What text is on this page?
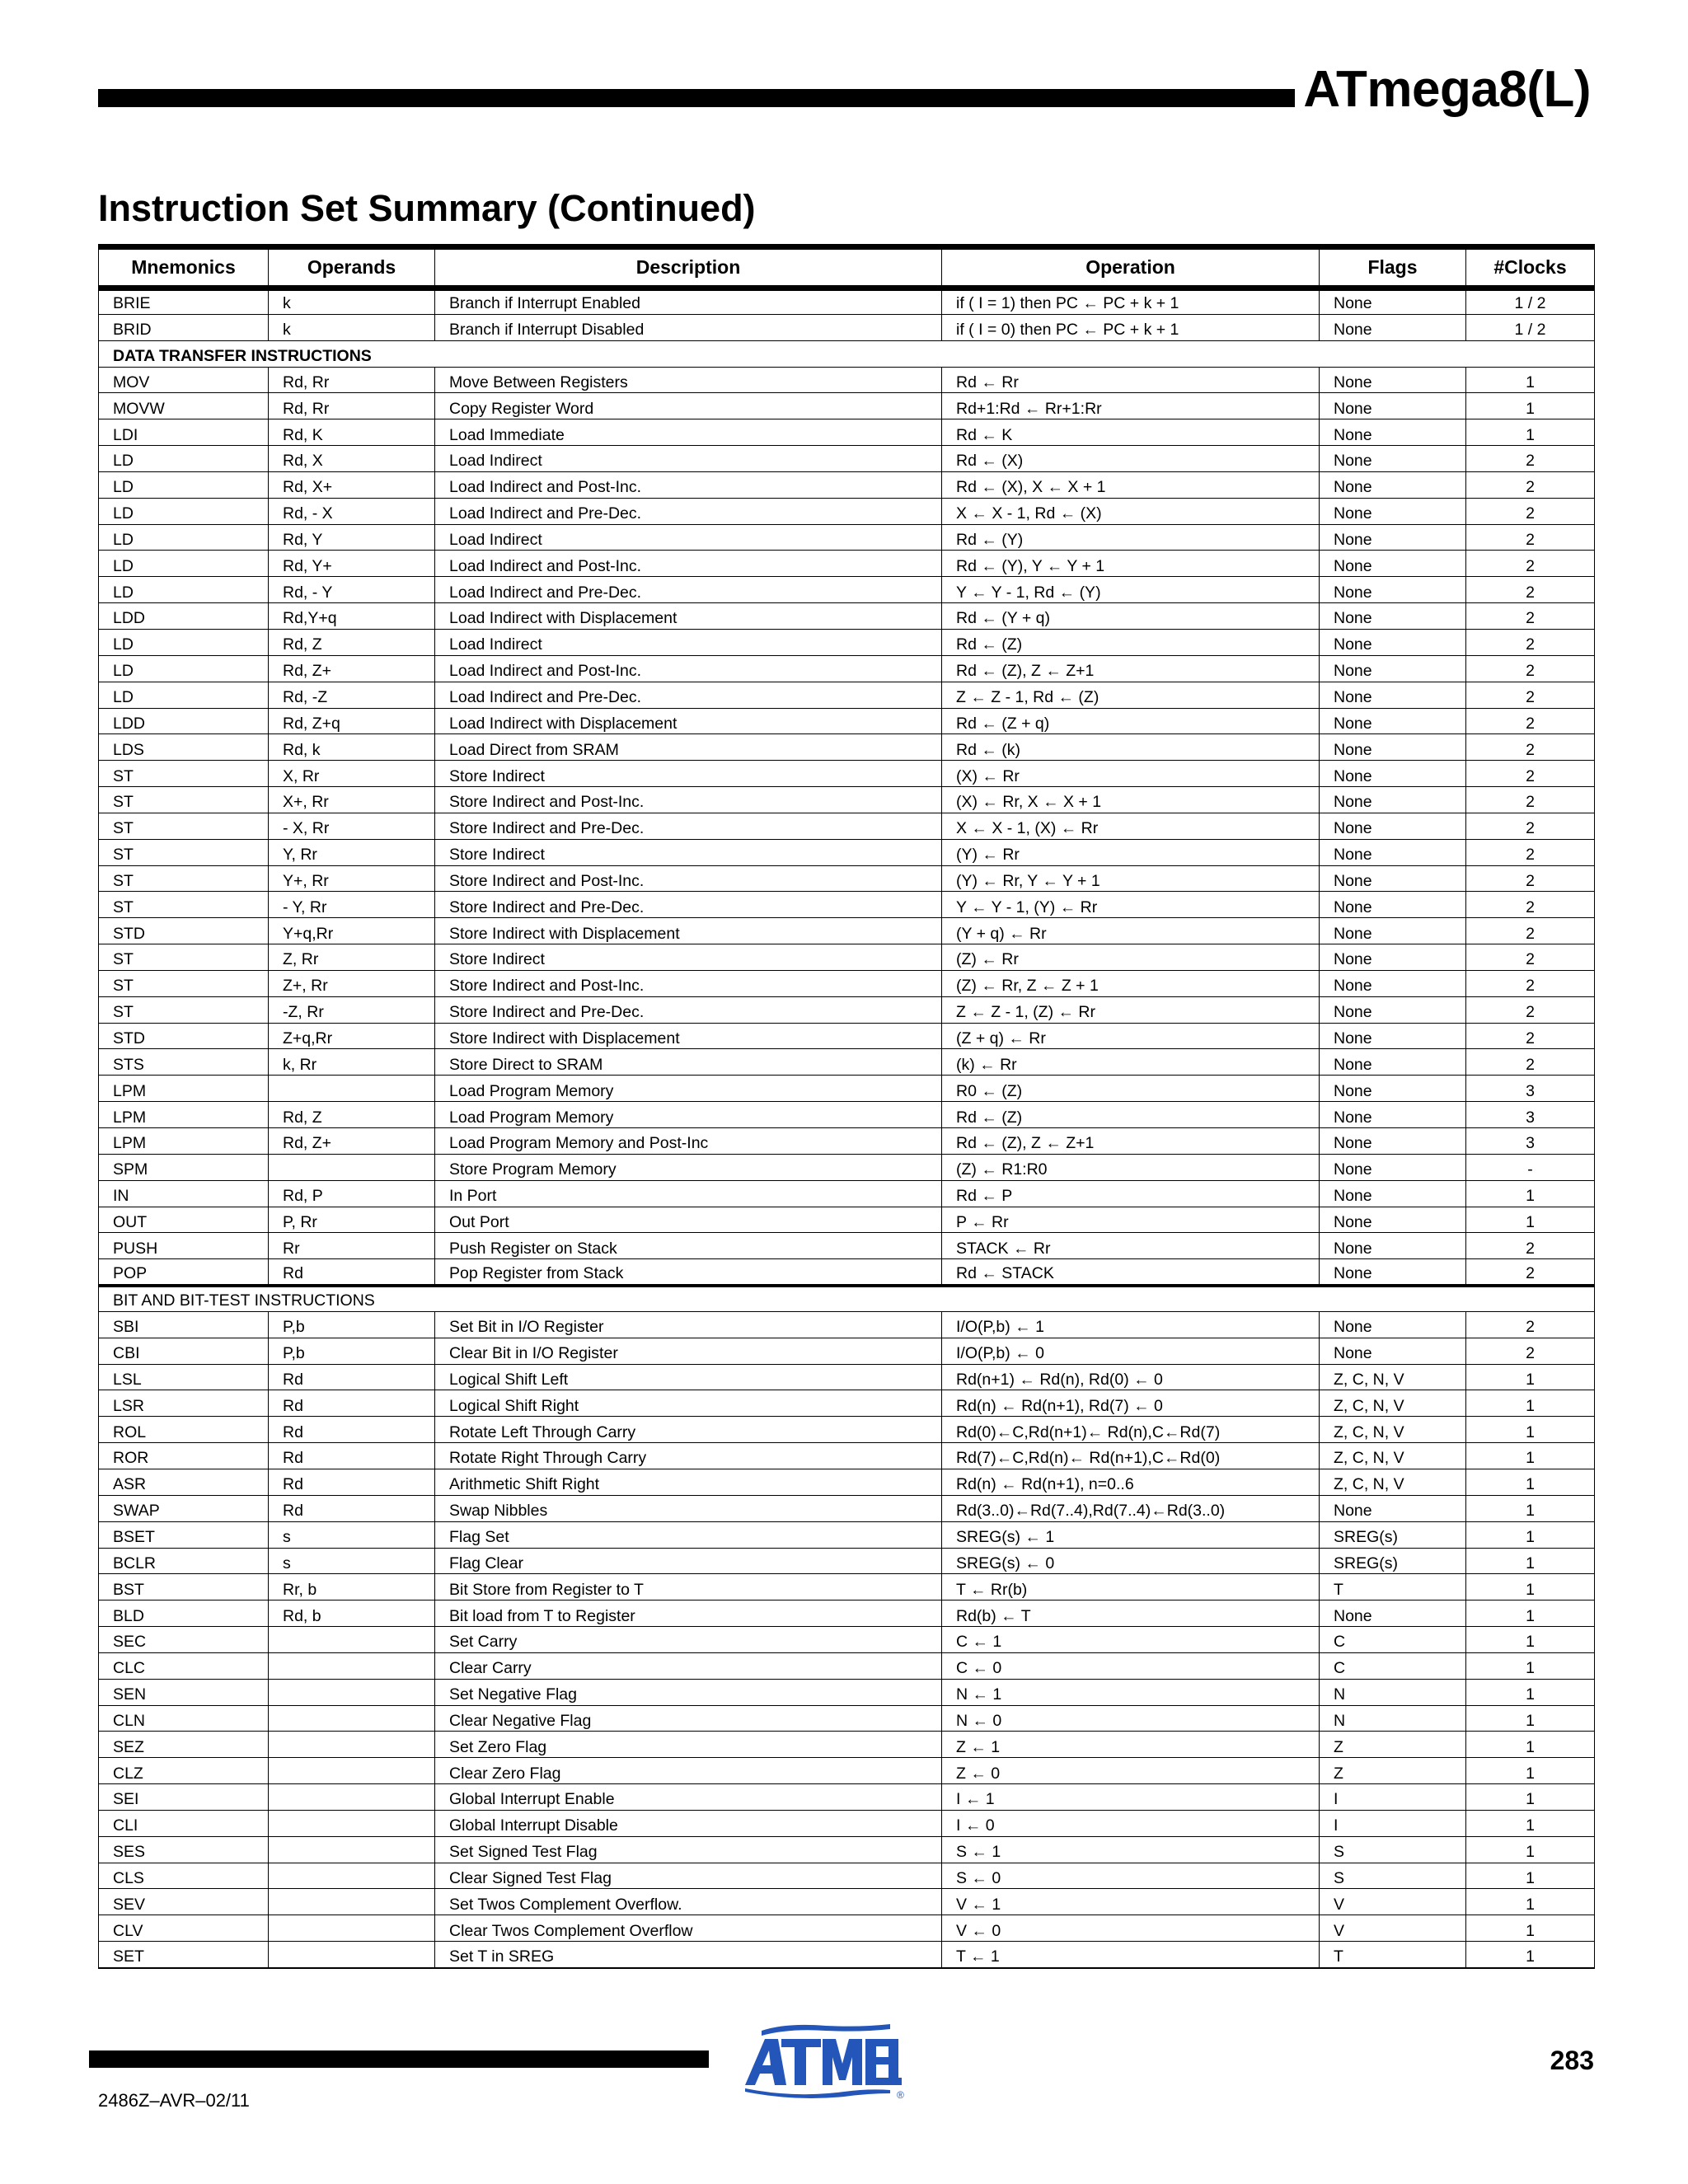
ATmega8(L)
Instruction Set Summary (Continued)
Mnemonics	Operands	Description	Operation	Flags	#Clocks
BRIE	k	Branch if Interrupt Enabled	if ( I = 1) then PC ← PC + k + 1	None	1 / 2
BRID	k	Branch if Interrupt Disabled	if ( I = 0) then PC ← PC + k + 1	None	1 / 2
DATA TRANSFER INSTRUCTIONS					
MOV	Rd, Rr	Move Between Registers	Rd ← Rr	None	1
MOVW	Rd, Rr	Copy Register Word	Rd+1:Rd ← Rr+1:Rr	None	1
LDI	Rd, K	Load Immediate	Rd ← K	None	1
LD	Rd, X	Load Indirect	Rd ← (X)	None	2
LD	Rd, X+	Load Indirect and Post-Inc.	Rd ← (X), X ← X + 1	None	2
LD	Rd, - X	Load Indirect and Pre-Dec.	X ← X - 1, Rd ← (X)	None	2
LD	Rd, Y	Load Indirect	Rd ← (Y)	None	2
LD	Rd, Y+	Load Indirect and Post-Inc.	Rd ← (Y), Y ← Y + 1	None	2
LD	Rd, - Y	Load Indirect and Pre-Dec.	Y ← Y - 1, Rd ← (Y)	None	2
LDD	Rd,Y+q	Load Indirect with Displacement	Rd ← (Y + q)	None	2
LD	Rd, Z	Load Indirect	Rd ← (Z)	None	2
LD	Rd, Z+	Load Indirect and Post-Inc.	Rd ← (Z), Z ← Z+1	None	2
LD	Rd, -Z	Load Indirect and Pre-Dec.	Z ← Z - 1, Rd ← (Z)	None	2
LDD	Rd, Z+q	Load Indirect with Displacement	Rd ← (Z + q)	None	2
LDS	Rd, k	Load Direct from SRAM	Rd ← (k)	None	2
ST	X, Rr	Store Indirect	(X) ← Rr	None	2
ST	X+, Rr	Store Indirect and Post-Inc.	(X) ← Rr, X ← X + 1	None	2
ST	- X, Rr	Store Indirect and Pre-Dec.	X ← X - 1, (X) ← Rr	None	2
ST	Y, Rr	Store Indirect	(Y) ← Rr	None	2
ST	Y+, Rr	Store Indirect and Post-Inc.	(Y) ← Rr, Y ← Y + 1	None	2
ST	- Y, Rr	Store Indirect and Pre-Dec.	Y ← Y - 1, (Y) ← Rr	None	2
STD	Y+q,Rr	Store Indirect with Displacement	(Y + q) ← Rr	None	2
ST	Z, Rr	Store Indirect	(Z) ← Rr	None	2
ST	Z+, Rr	Store Indirect and Post-Inc.	(Z) ← Rr, Z ← Z + 1	None	2
ST	-Z, Rr	Store Indirect and Pre-Dec.	Z ← Z - 1, (Z) ← Rr	None	2
STD	Z+q,Rr	Store Indirect with Displacement	(Z + q) ← Rr	None	2
STS	k, Rr	Store Direct to SRAM	(k) ← Rr	None	2
LPM		Load Program Memory	R0 ← (Z)	None	3
LPM	Rd, Z	Load Program Memory	Rd ← (Z)	None	3
LPM	Rd, Z+	Load Program Memory and Post-Inc	Rd ← (Z), Z ← Z+1	None	3
SPM		Store Program Memory	(Z) ← R1:R0	None	-
IN	Rd, P	In Port	Rd ← P	None	1
OUT	P, Rr	Out Port	P ← Rr	None	1
PUSH	Rr	Push Register on Stack	STACK ← Rr	None	2
POP	Rd	Pop Register from Stack	Rd ← STACK	None	2
BIT AND BIT-TEST INSTRUCTIONS					
SBI	P,b	Set Bit in I/O Register	I/O(P,b) ← 1	None	2
CBI	P,b	Clear Bit in I/O Register	I/O(P,b) ← 0	None	2
LSL	Rd	Logical Shift Left	Rd(n+1) ← Rd(n), Rd(0) ← 0	Z, C, N, V	1
LSR	Rd	Logical Shift Right	Rd(n) ← Rd(n+1), Rd(7) ← 0	Z, C, N, V	1
ROL	Rd	Rotate Left Through Carry	Rd(0)←C,Rd(n+1)← Rd(n),C←Rd(7)	Z, C, N, V	1
ROR	Rd	Rotate Right Through Carry	Rd(7)←C,Rd(n)← Rd(n+1),C←Rd(0)	Z, C, N, V	1
ASR	Rd	Arithmetic Shift Right	Rd(n) ← Rd(n+1), n=0..6	Z, C, N, V	1
SWAP	Rd	Swap Nibbles	Rd(3..0)←Rd(7..4),Rd(7..4)←Rd(3..0)	None	1
BSET	s	Flag Set	SREG(s) ← 1	SREG(s)	1
BCLR	s	Flag Clear	SREG(s) ← 0	SREG(s)	1
BST	Rr, b	Bit Store from Register to T	T ← Rr(b)	T	1
BLD	Rd, b	Bit load from T to Register	Rd(b) ← T	None	1
SEC		Set Carry	C ← 1	C	1
CLC		Clear Carry	C ← 0	C	1
SEN		Set Negative Flag	N ← 1	N	1
CLN		Clear Negative Flag	N ← 0	N	1
SEZ		Set Zero Flag	Z ← 1	Z	1
CLZ		Clear Zero Flag	Z ← 0	Z	1
SEI		Global Interrupt Enable	I ← 1	I	1
CLI		Global Interrupt Disable	I ← 0	I	1
SES		Set Signed Test Flag	S ← 1	S	1
CLS		Clear Signed Test Flag	S ← 0	S	1
SEV		Set Twos Complement Overflow.	V ← 1	V	1
CLV		Clear Twos Complement Overflow	V ← 0	V	1
SET		Set T in SREG	T ← 1	T	1
®
283
2486Z–AVR–02/11
